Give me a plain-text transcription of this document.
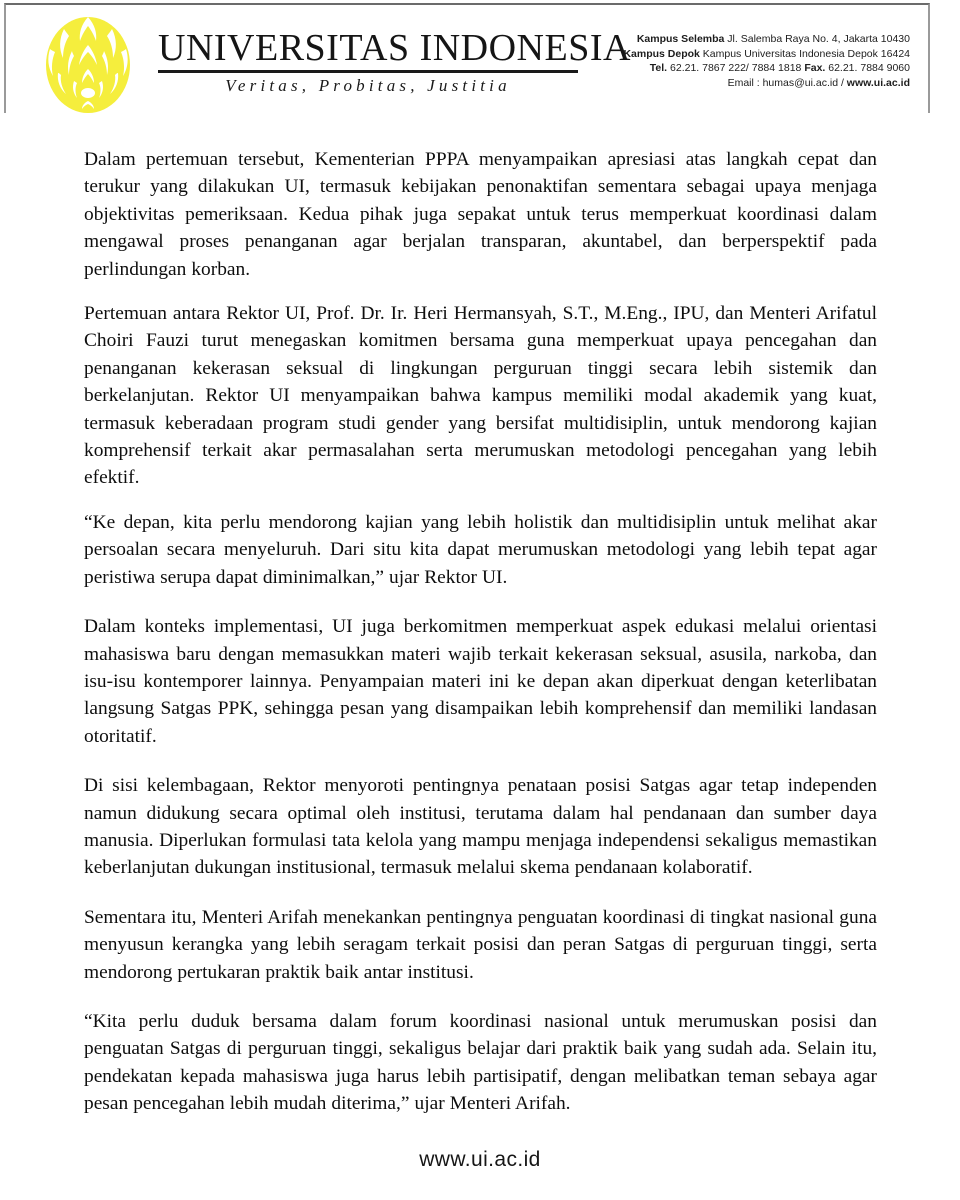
UNIVERSITAS INDONESIA
Veritas, Probitas, Justitia
Kampus Selemba Jl. Salemba Raya No. 4, Jakarta 10430
Kampus Depok Kampus Universitas Indonesia Depok 16424
Tel. 62.21. 7867 222/ 7884 1818 Fax. 62.21. 7884 9060
Email : humas@ui.ac.id / www.ui.ac.id

Dalam pertemuan tersebut, Kementerian PPPA menyampaikan apresiasi atas langkah cepat dan terukur yang dilakukan UI, termasuk kebijakan penonaktifan sementara sebagai upaya menjaga objektivitas pemeriksaan. Kedua pihak juga sepakat untuk terus memperkuat koordinasi dalam mengawal proses penanganan agar berjalan transparan, akuntabel, dan berperspektif pada perlindungan korban.

Pertemuan antara Rektor UI, Prof. Dr. Ir. Heri Hermansyah, S.T., M.Eng., IPU, dan Menteri Arifatul Choiri Fauzi turut menegaskan komitmen bersama guna memperkuat upaya pencegahan dan penanganan kekerasan seksual di lingkungan perguruan tinggi secara lebih sistemik dan berkelanjutan. Rektor UI menyampaikan bahwa kampus memiliki modal akademik yang kuat, termasuk keberadaan program studi gender yang bersifat multidisiplin, untuk mendorong kajian komprehensif terkait akar permasalahan serta merumuskan metodologi pencegahan yang lebih efektif.

“Ke depan, kita perlu mendorong kajian yang lebih holistik dan multidisiplin untuk melihat akar persoalan secara menyeluruh. Dari situ kita dapat merumuskan metodologi yang lebih tepat agar peristiwa serupa dapat diminimalkan,” ujar Rektor UI.

Dalam konteks implementasi, UI juga berkomitmen memperkuat aspek edukasi melalui orientasi mahasiswa baru dengan memasukkan materi wajib terkait kekerasan seksual, asusila, narkoba, dan isu-isu kontemporer lainnya. Penyampaian materi ini ke depan akan diperkuat dengan keterlibatan langsung Satgas PPK, sehingga pesan yang disampaikan lebih komprehensif dan memiliki landasan otoritatif.

Di sisi kelembagaan, Rektor menyoroti pentingnya penataan posisi Satgas agar tetap independen namun didukung secara optimal oleh institusi, terutama dalam hal pendanaan dan sumber daya manusia. Diperlukan formulasi tata kelola yang mampu menjaga independensi sekaligus memastikan keberlanjutan dukungan institusional, termasuk melalui skema pendanaan kolaboratif.

Sementara itu, Menteri Arifah menekankan pentingnya penguatan koordinasi di tingkat nasional guna menyusun kerangka yang lebih seragam terkait posisi dan peran Satgas di perguruan tinggi, serta mendorong pertukaran praktik baik antar institusi.

“Kita perlu duduk bersama dalam forum koordinasi nasional untuk merumuskan posisi dan penguatan Satgas di perguruan tinggi, sekaligus belajar dari praktik baik yang sudah ada. Selain itu, pendekatan kepada mahasiswa juga harus lebih partisipatif, dengan melibatkan teman sebaya agar pesan pencegahan lebih mudah diterima,” ujar Menteri Arifah.

www.ui.ac.id
